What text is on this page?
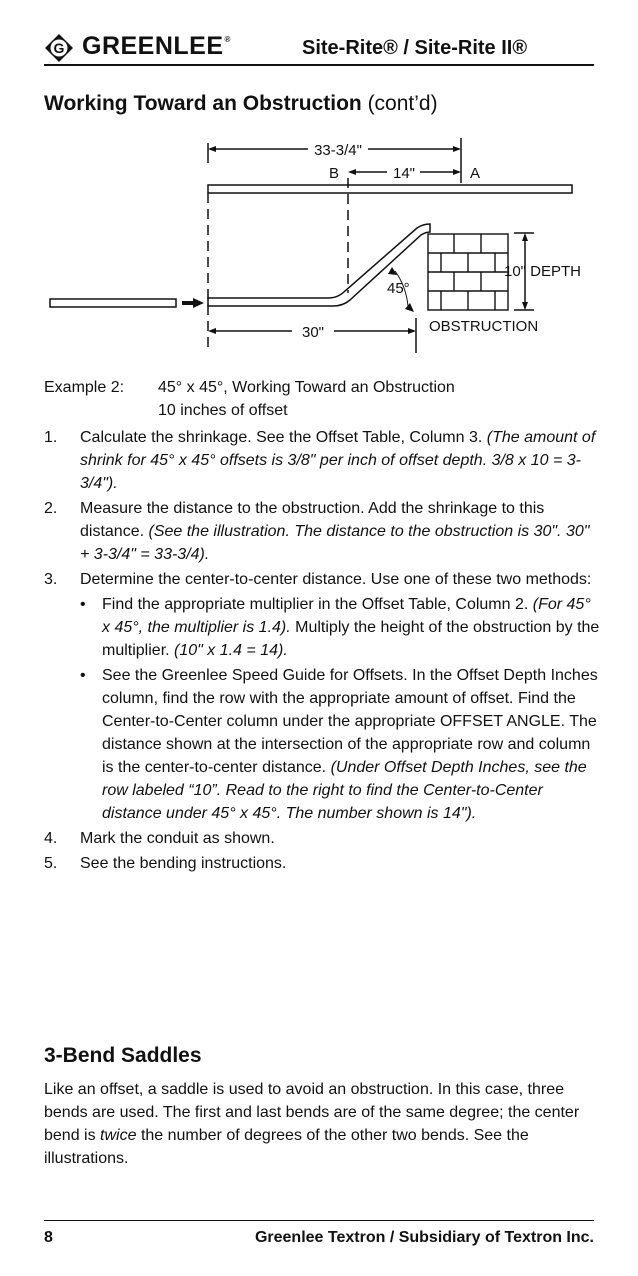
G GREENLEE®	Site-Rite® / Site-Rite II®
Working Toward an Obstruction (cont’d)
33-3/4"
B	14"	A
10" DEPTH
45°
30"	OBSTRUCTION
Example 2: 45° x 45°, Working Toward an Obstruction
10 inches of offset
1. Calculate the shrinkage. See the Offset Table, Column 3. (The amount of shrink for 45° x 45° offsets is 3/8" per inch of offset depth. 3/8 x 10 = 3-3/4").
2. Measure the distance to the obstruction. Add the shrinkage to this distance. (See the illustration. The distance to the obstruction is 30". 30" + 3-3/4" = 33-3/4).
3. Determine the center-to-center distance. Use one of these two methods:
• Find the appropriate multiplier in the Offset Table, Column 2. (For 45° x 45°, the multiplier is 1.4). Multiply the height of the obstruction by the multiplier. (10" x 1.4 = 14).
• See the Greenlee Speed Guide for Offsets. In the Offset Depth Inches column, find the row with the appropriate amount of offset. Find the Center-to-Center column under the appropriate OFFSET ANGLE. The distance shown at the intersection of the appropriate row and column is the center-to-center distance. (Under Offset Depth Inches, see the row labeled “10”. Read to the right to find the Center-to-Center distance under 45° x 45°. The number shown is 14").
4. Mark the conduit as shown.
5. See the bending instructions.
3-Bend Saddles
Like an offset, a saddle is used to avoid an obstruction. In this case, three bends are used. The first and last bends are of the same degree; the center bend is twice the number of degrees of the other two bends. See the illustrations.
8	Greenlee Textron / Subsidiary of Textron Inc.
